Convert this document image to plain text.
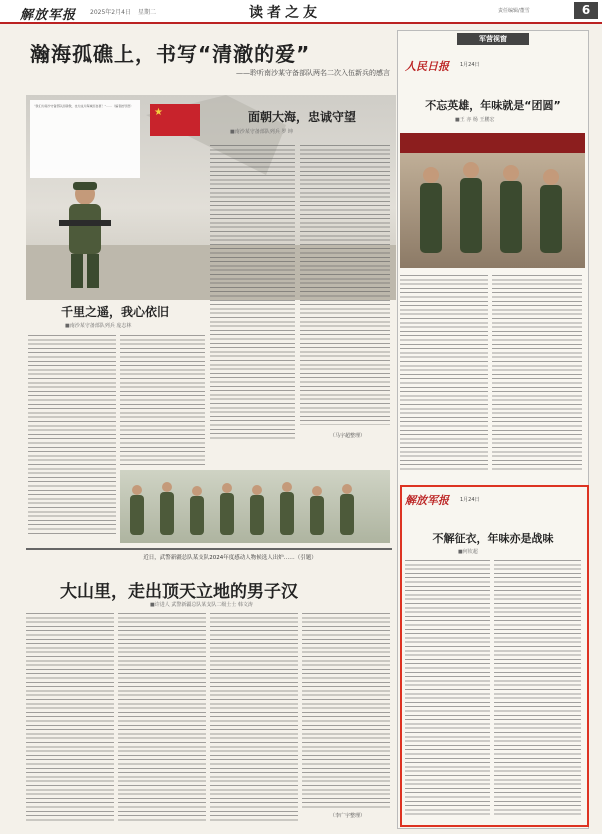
解放军报 2025年2月4日 星期二	读者之友	责任编辑/董雪	6
瀚海孤礁上，书写“清澈的爱”
——聆听南沙某守备部队两名二次入伍新兵的感言
“我们为南沙守备部队而骄傲，也为这片海域而自豪！”……（编者按导语）
★	面朝大海，忠诚守望
■南沙某守备部队列兵 罗 坤
（马宇超整理）
千里之遥，我心依旧
■南沙某守备部队列兵 庞志林
近日，武警新疆总队某支队2024年度感动人物候选人出炉……（引题）
大山里，走出顶天立地的男子汉
■许进人 武警新疆总队某支队二级士士 韩文涛
（李广宇整理）
军营视窗
人民日报 1月24日
不忘英雄，年味就是“团圆”
■王 亦 杨 王鹏宏
解放军报 1月24日
不解征衣，年味亦是战味
■何钦超
